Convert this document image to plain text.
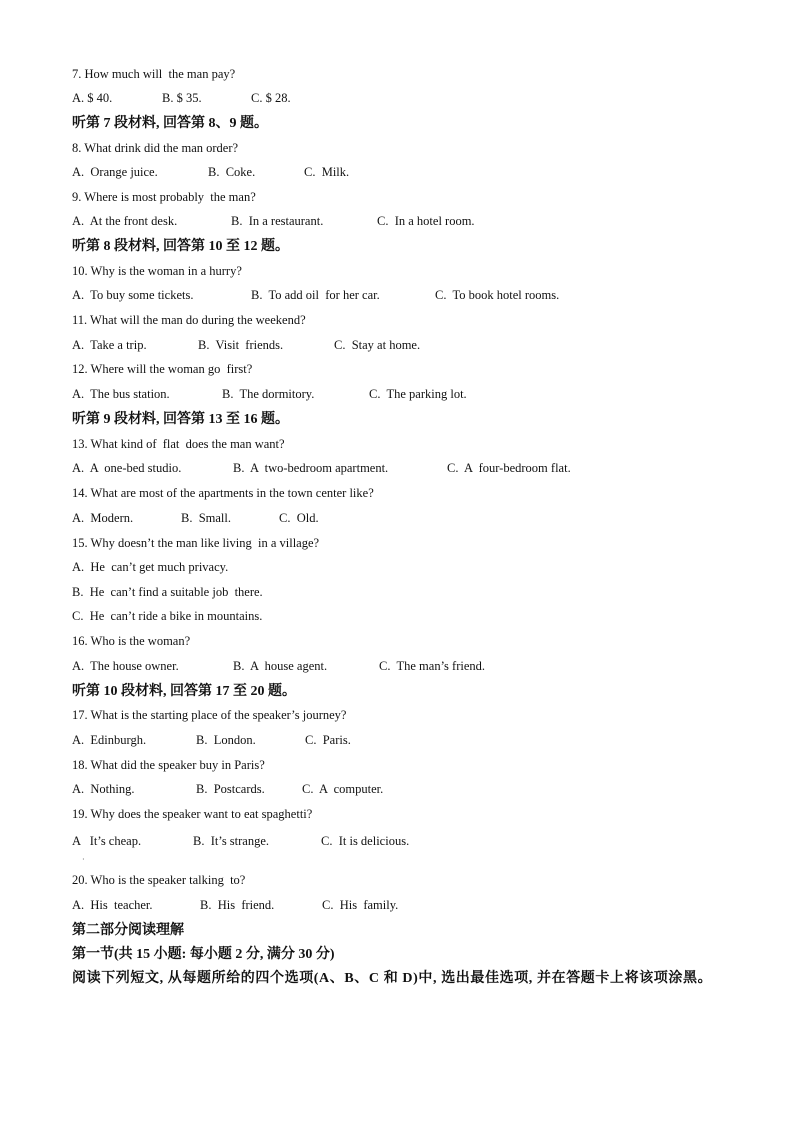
7. How much will  the man pay?
A. $ 40.	B. $ 35.	C. $ 28.
听第 7 段材料, 回答第 8、9 题。
8. What drink did the man order?
A.  Orange juice.	B.  Coke.	C.  Milk.
9. Where is most probably  the man?
A.  At the front desk.	B.  In a restaurant.	C.  In a hotel room.
听第 8 段材料, 回答第 10 至 12 题。
10. Why is the woman in a hurry?
A.  To buy some tickets.	B.  To add oil  for her car.	C.  To book hotel rooms.
11. What will the man do during the weekend?
A.  Take a trip.	B.  Visit  friends.	C.  Stay at home.
12. Where will the woman go  first?
A.  The bus station.	B.  The dormitory.	C.  The parking lot.
听第 9 段材料, 回答第 13 至 16 题。
13. What kind of  flat  does the man want?
A.  A  one-bed studio.	B.  A  two-bedroom apartment.	C.  A  four-bedroom flat.
14. What are most of the apartments in the town center like?
A.  Modern.	B.  Small.	C.  Old.
15. Why doesn’t the man like living  in a village?
A.  He  can’t get much privacy.
B.  He  can’t find a suitable job  there.
C.  He  can’t ride a bike in mountains.
16. Who is the woman?
A.  The house owner.	B.  A  house agent.	C.  The man’s friend.
听第 10 段材料, 回答第 17 至 20 题。
17. What is the starting place of the speaker’s journey?
A.  Edinburgh.	B.  London.	C.  Paris.
18. What did the speaker buy in Paris?
A.  Nothing.	B.  Postcards.	C.  A  computer.
19. Why does the speaker want to eat spaghetti?
A   It’s cheap.	B.  It’s strange.	C.  It is delicious.
20. Who is the speaker talking  to?
A.  His  teacher.	B.  His  friend.	C.  His  family.
第二部分阅读理解
第一节(共 15 小题: 每小题 2 分, 满分 30 分)
阅读下列短文, 从每题所给的四个选项(A、B、C 和 D)中, 选出最佳选项, 并在答题卡上将该项涂黑。
·
